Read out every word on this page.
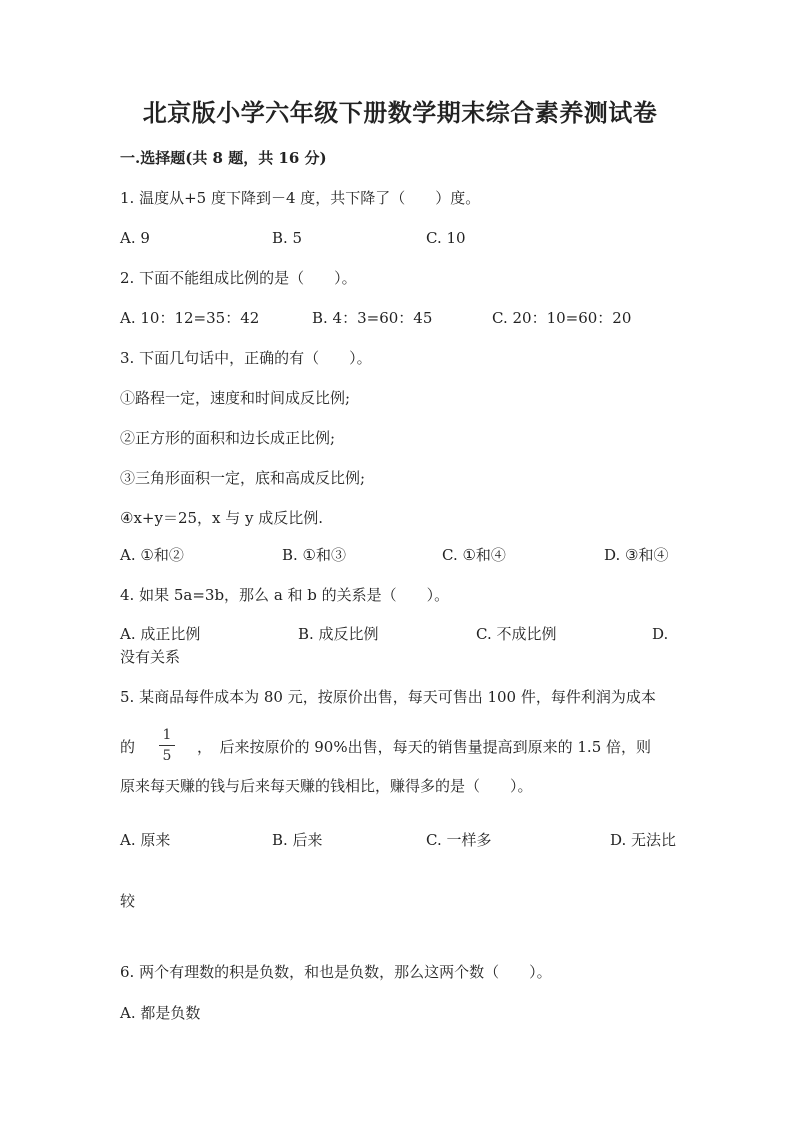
北京版小学六年级下册数学期末综合素养测试卷
一.选择题(共 8 题，共 16 分)
1. 温度从+5 度下降到－4 度，共下降了（　　）度。
A. 9	B. 5	C. 10
2. 下面不能组成比例的是（　　）。
A. 10：12=35：42	B. 4：3=60：45	C. 20：10=60：20
3. 下面几句话中，正确的有（　　）。
①路程一定，速度和时间成反比例;
②正方形的面积和边长成正比例;
③三角形面积一定，底和高成反比例;
④x+y＝25，x 与 y 成反比例.
A. ①和②	B. ①和③	C. ①和④	D. ③和④
4. 如果 5a=3b，那么 a 和 b 的关系是（　　）。
A. 成正比例	B. 成反比例	C. 不成比例	D.
没有关系
5. 某商品每件成本为 80 元，按原价出售，每天可售出 100 件，每件利润为成本
的
1
5 ，　后来按原价的 90%出售，每天的销售量提高到原来的 1.5 倍，则
原来每天赚的钱与后来每天赚的钱相比，赚得多的是（　　）。
A. 原来	B. 后来	C. 一样多	D. 无法比
较
6. 两个有理数的积是负数，和也是负数，那么这两个数（　　）。
A. 都是负数
